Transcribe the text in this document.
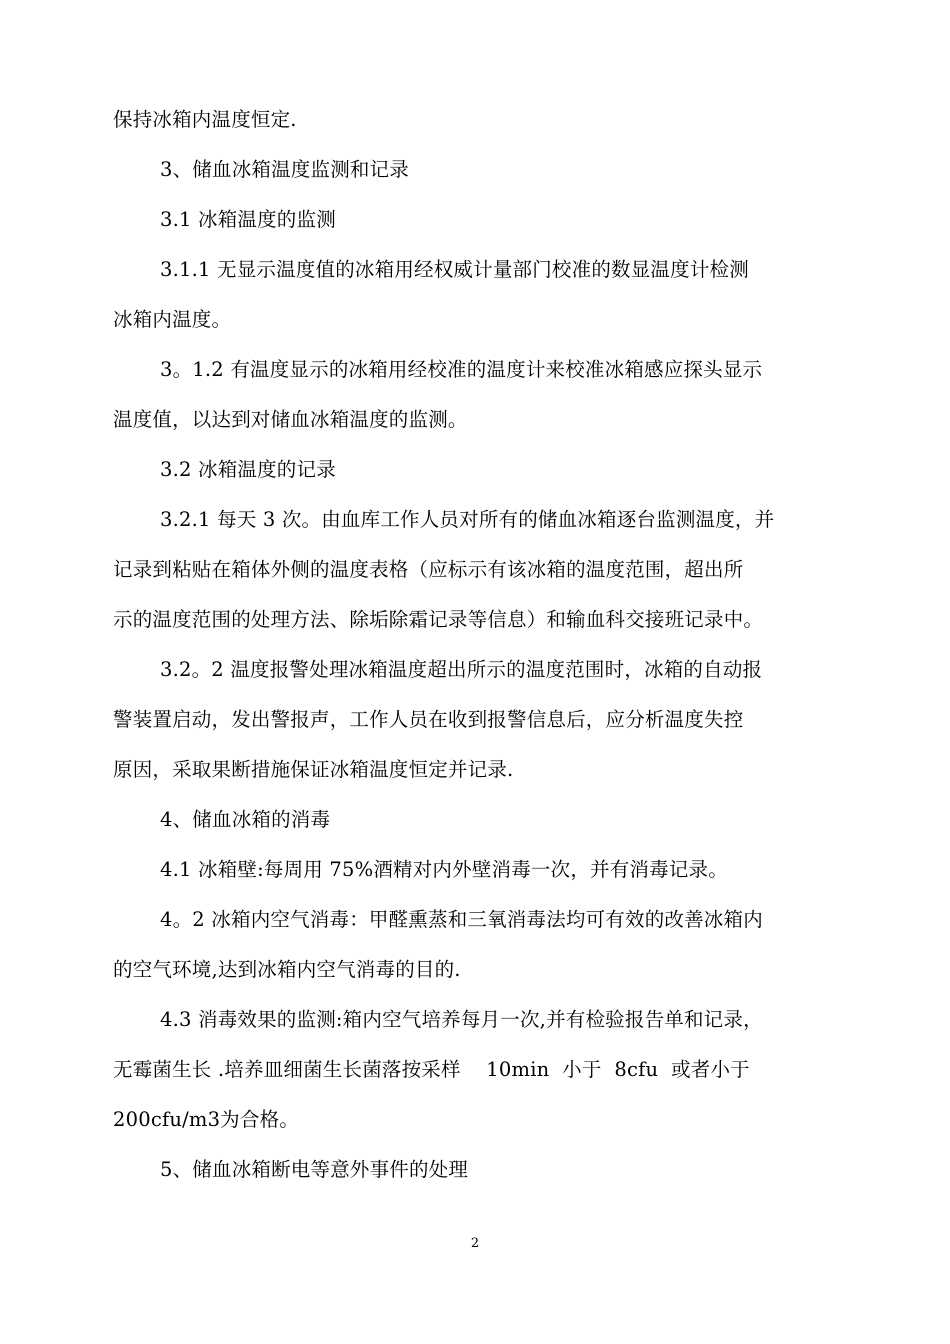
保持冰箱内温度恒定.
3、储血冰箱温度监测和记录
3.1 冰箱温度的监测
3.1.1 无显示温度值的冰箱用经权威计量部门校准的数显温度计检测
冰箱内温度。
3。1.2 有温度显示的冰箱用经校准的温度计来校准冰箱感应探头显示
温度值，以达到对储血冰箱温度的监测。
3.2 冰箱温度的记录
3.2.1 每天 3 次。由血库工作人员对所有的储血冰箱逐台监测温度，并
记录到粘贴在箱体外侧的温度表格（应标示有该冰箱的温度范围，超出所
示的温度范围的处理方法、除垢除霜记录等信息）和输血科交接班记录中。
3.2。2 温度报警处理冰箱温度超出所示的温度范围时，冰箱的自动报
警装置启动，发出警报声，工作人员在收到报警信息后，应分析温度失控
原因，采取果断措施保证冰箱温度恒定并记录.
4、储血冰箱的消毒
4.1 冰箱壁:每周用 75%酒精对内外壁消毒一次，并有消毒记录。
4。2 冰箱内空气消毒：甲醛熏蒸和三氧消毒法均可有效的改善冰箱内
的空气环境,达到冰箱内空气消毒的目的.
4.3 消毒效果的监测:箱内空气培养每月一次,并有检验报告单和记录，
无霉菌生长 .培养皿细菌生长菌落按采样    10min  小于  8cfu  或者小于
200cfu/m3为合格。
5、储血冰箱断电等意外事件的处理
2
